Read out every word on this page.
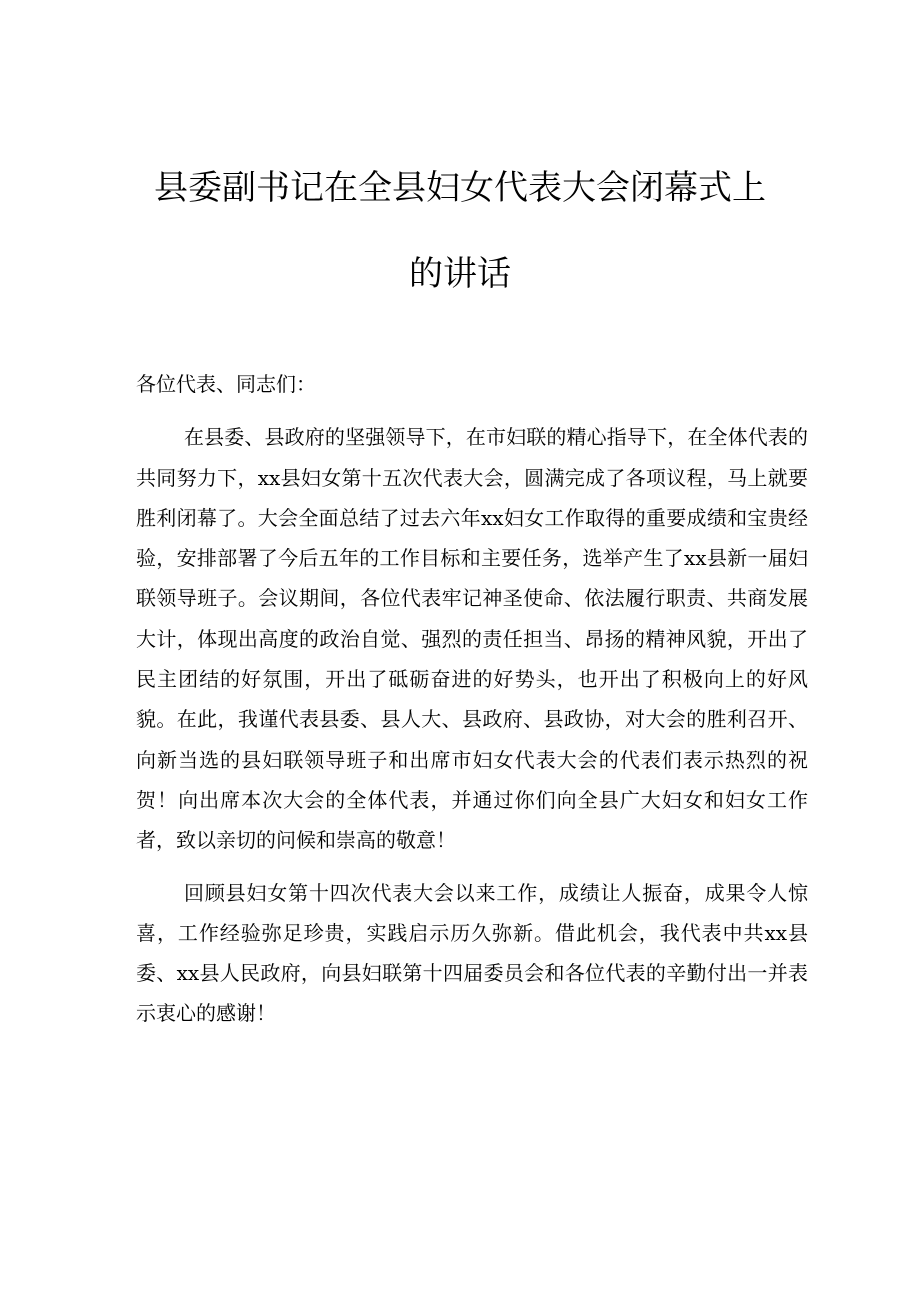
县委副书记在全县妇女代表大会闭幕式上
的讲话

各位代表、同志们：

在县委、县政府的坚强领导下，在市妇联的精心指导下，在全体代表的共同努力下，xx县妇女第十五次代表大会，圆满完成了各项议程，马上就要胜利闭幕了。大会全面总结了过去六年xx妇女工作取得的重要成绩和宝贵经验，安排部署了今后五年的工作目标和主要任务，选举产生了xx县新一届妇联领导班子。会议期间，各位代表牢记神圣使命、依法履行职责、共商发展大计，体现出高度的政治自觉、强烈的责任担当、昂扬的精神风貌，开出了民主团结的好氛围，开出了砥砺奋进的好势头，也开出了积极向上的好风貌。在此，我谨代表县委、县人大、县政府、县政协，对大会的胜利召开、向新当选的县妇联领导班子和出席市妇女代表大会的代表们表示热烈的祝贺！向出席本次大会的全体代表，并通过你们向全县广大妇女和妇女工作者，致以亲切的问候和崇高的敬意！

回顾县妇女第十四次代表大会以来工作，成绩让人振奋，成果令人惊喜，工作经验弥足珍贵，实践启示历久弥新。借此机会，我代表中共xx县委、xx县人民政府，向县妇联第十四届委员会和各位代表的辛勤付出一并表示衷心的感谢！
